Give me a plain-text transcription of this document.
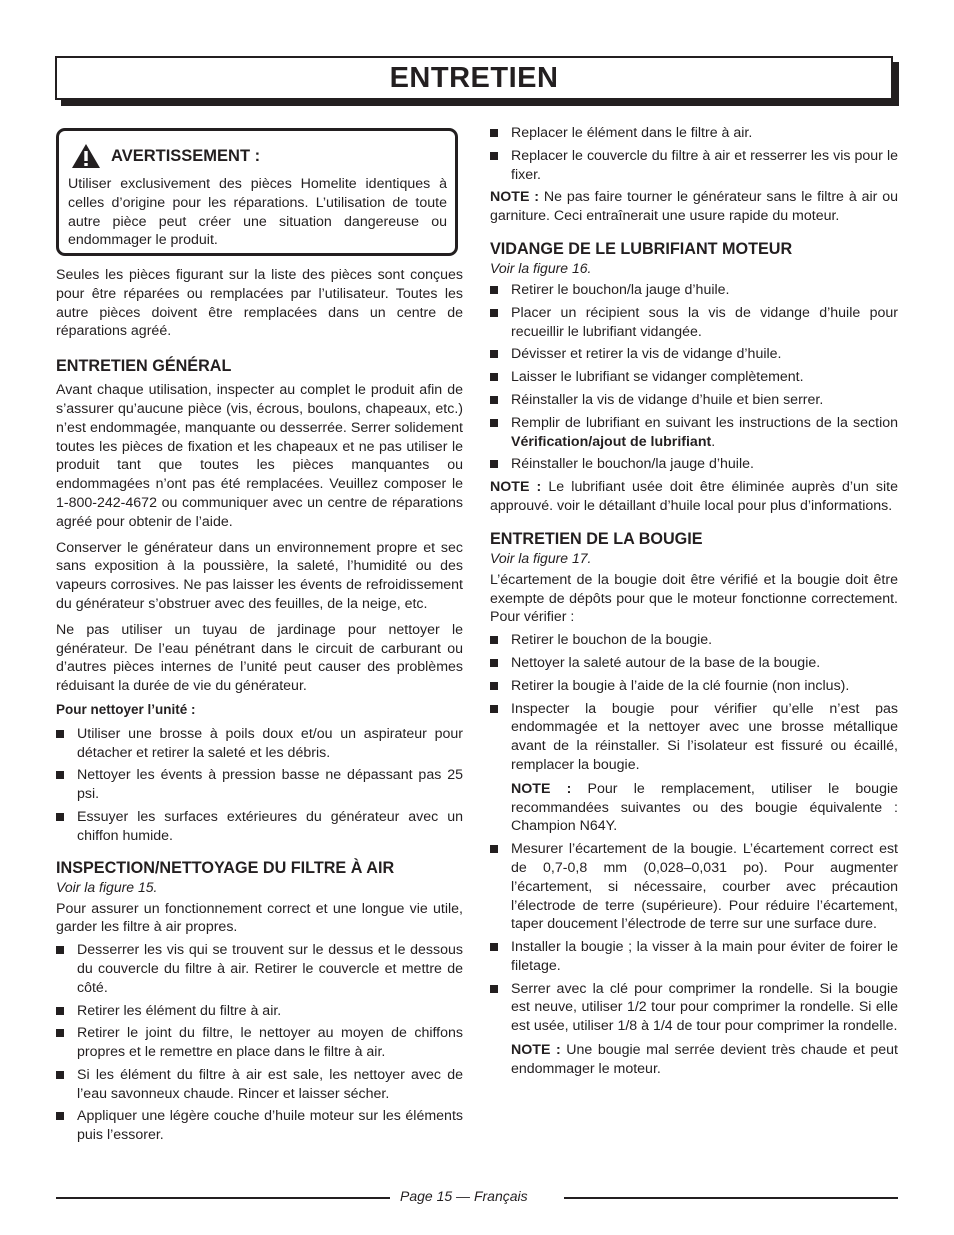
ENTRETIEN
AVERTISSEMENT :

Utiliser exclusivement des pièces Homelite identiques à celles d’origine pour les réparations. L’utilisation de toute autre pièce peut créer une situation dangereuse ou endommager le produit.

Seules les pièces figurant sur la liste des pièces sont conçues pour être réparées ou remplacées par l’utilisateur. Toutes les autre pièces doivent être remplacées dans un centre de réparations agréé.

ENTRETIEN GÉNÉRAL

Avant chaque utilisation, inspecter au complet le produit afin de s’assurer qu’aucune pièce (vis, écrous, boulons, chapeaux, etc.) n’est endommagée, manquante ou desserrée. Serrer solidement toutes les pièces de fixation et les chapeaux et ne pas utiliser le produit tant que toutes les pièces manquantes ou endommagées n’ont pas été remplacées. Veuillez composer le 1-800-242-4672 ou communiquer avec un centre de réparations agréé pour obtenir de l’aide.

Conserver le générateur dans un environnement propre et sec sans exposition à la poussière, la saleté, l’humidité ou des vapeurs corrosives. Ne pas laisser les évents de refroidissement du générateur s’obstruer avec des feuilles, de la neige, etc.

Ne pas utiliser un tuyau de jardinage pour nettoyer le générateur. De l’eau pénétrant dans le circuit de carburant ou d’autres pièces internes de l’unité peut causer des problèmes réduisant la durée de vie du générateur.

Pour nettoyer l’unité :

Utiliser une brosse à poils doux et/ou un aspirateur pour détacher et retirer la saleté et les débris.
Nettoyer les évents à pression basse ne dépassant pas 25 psi.
Essuyer les surfaces extérieures du générateur avec un chiffon humide.
INSPECTION/NETTOYAGE DU FILTRE À AIR
Voir la figure 15.

Pour assurer un fonctionnement correct et une longue vie utile, garder les filtre à air propres.

Desserrer les vis qui se trouvent sur le dessus et le dessous du couvercle du filtre à air. Retirer le couvercle et mettre de côté.
Retirer les élément du filtre à air.
Retirer le joint du filtre, le nettoyer au moyen de chiffons propres et le remettre en place dans le filtre à air.
Si les élément du filtre à air est sale, les nettoyer avec de l’eau savonneux chaude. Rincer et laisser sécher.
Appliquer une légère couche d’huile moteur sur les éléments puis l’essorer.
Replacer le élément dans le filtre à air.
Replacer le couvercle du filtre à air et resserrer les vis pour le fixer.

NOTE : Ne pas faire tourner le générateur sans le filtre à air ou garniture. Ceci entraînerait une usure rapide du moteur.

VIDANGE DE LE LUBRIFIANT MOTEUR
Voir la figure 16.
Retirer le bouchon/la jauge d’huile.
Placer un récipient sous la vis de vidange d’huile pour recueillir le lubrifiant vidangée.
Dévisser et retirer la vis de vidange d’huile.
Laisser le lubrifiant se vidanger complètement.
Réinstaller la vis de vidange d’huile et bien serrer.
Remplir de lubrifiant en suivant les instructions de la section Vérification/ajout de lubrifiant.
Réinstaller le bouchon/la jauge d’huile.

NOTE : Le lubrifiant usée doit être éliminée auprès d’un site approuvé. voir le détaillant d’huile local pour plus d’informations.

ENTRETIEN DE LA BOUGIE
Voir la figure 17.

L’écartement de la bougie doit être vérifié et la bougie doit être exempte de dépôts pour que le moteur fonctionne correctement. Pour vérifier :

Retirer le bouchon de la bougie.
Nettoyer la saleté autour de la base de la bougie.
Retirer la bougie à l’aide de la clé fournie (non inclus).
Inspecter la bougie pour vérifier qu’elle n’est pas endommagée et la nettoyer avec une brosse métallique avant de la réinstaller. Si l’isolateur est fissuré ou écaillé, remplacer la bougie.

NOTE : Pour le remplacement, utiliser le bougie recommandées suivantes ou des bougie équivalente : Champion N64Y.

Mesurer l’écartement de la bougie. L’écartement correct est de 0,7-0,8 mm (0,028–0,031 po). Pour augmenter l’écartement, si nécessaire, courber avec précaution l’électrode de terre (supérieure). Pour réduire l’écartement, taper doucement l’électrode de terre sur une surface dure.
Installer la bougie ; la visser à la main pour éviter de foirer le filetage.
Serrer avec la clé pour comprimer la rondelle. Si la bougie est neuve, utiliser 1/2 tour pour comprimer la rondelle. Si elle est usée, utiliser 1/8 à 1/4 de tour pour comprimer la rondelle.

NOTE : Une bougie mal serrée devient très chaude et peut endommager le moteur.

Page 15 — Français
